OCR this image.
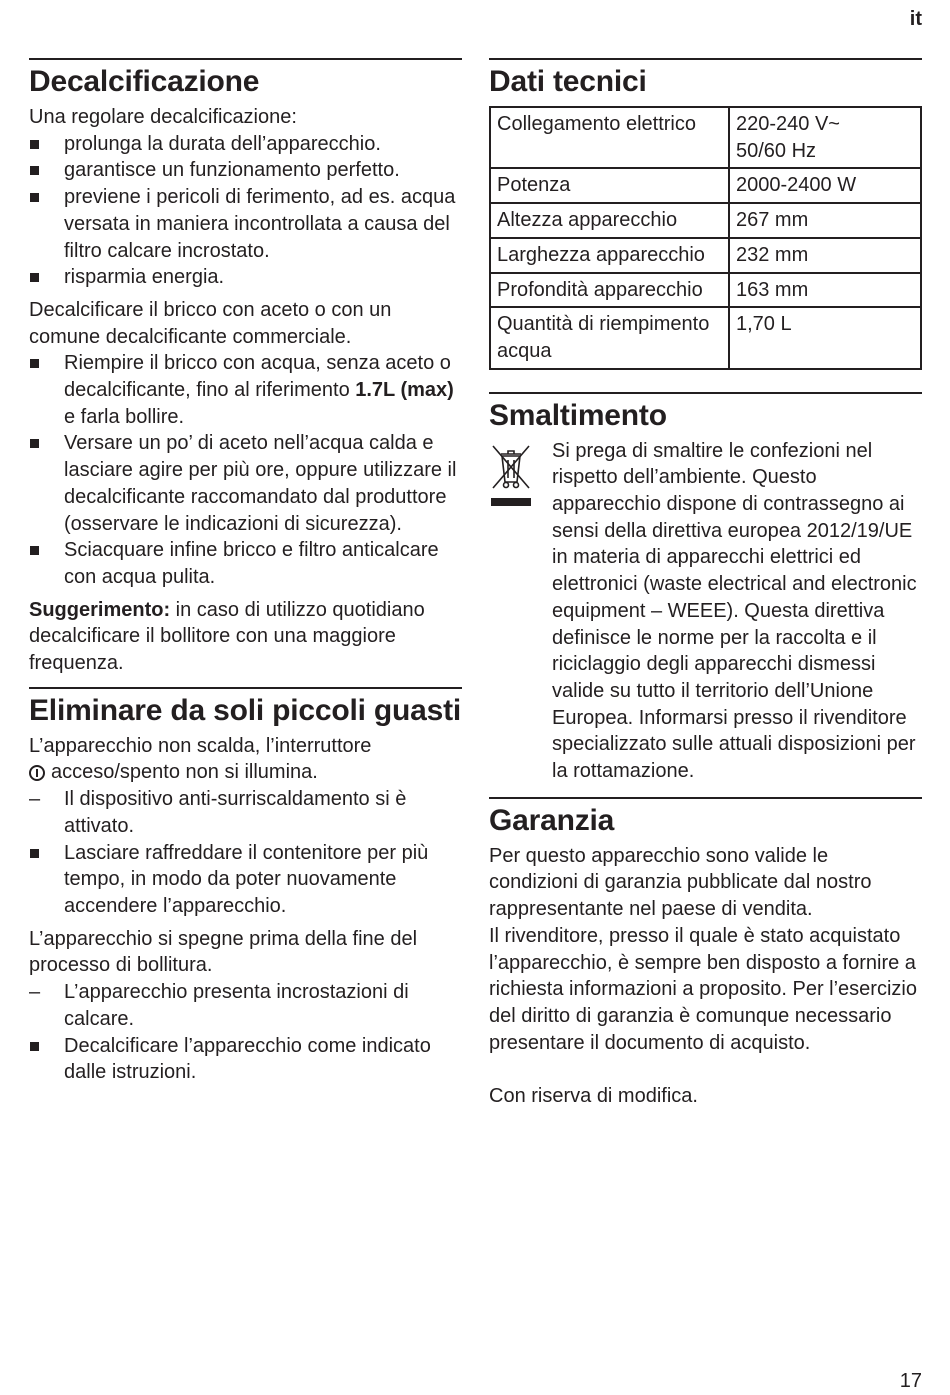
it
Decalcificazione

Una regolare decalcificazione:

prolunga la durata dell’apparecchio.
garantisce un funzionamento perfetto.
previene i pericoli di ferimento, ad es. acqua versata in maniera incontrollata a causa del filtro calcare incrostato.
risparmia energia.

Decalcificare il bricco con aceto o con un comune decalcificante commerciale.

Riempire il bricco con acqua, senza aceto o decalcificante, fino al riferimento 1.7L (max) e farla bollire.
Versare un po’ di aceto nell’acqua calda e lasciare agire per più ore, oppure utilizzare il decalcificante raccomandato dal produttore (osservare le indicazioni di sicurezza).
Sciacquare infine bricco e filtro anticalcare con acqua pulita.

Suggerimento: in caso di utilizzo quotidiano decalcificare il bollitore con una maggiore frequenza.

Eliminare da soli piccoli guasti

L’apparecchio non scalda, l’interruttore
acceso/spento non si illumina.

– Il dispositivo anti-surriscaldamento si è attivato.
Lasciare raffreddare il contenitore per più tempo, in modo da poter nuovamente accendere l’apparecchio.

L’apparecchio si spegne prima della fine del processo di bollitura.

– L’apparecchio presenta incrostazioni di calcare.
Decalcificare l’apparecchio come indicato dalle istruzioni.
Dati tecnici
Collegamento elettrico	220-240 V~
50/60 Hz
Potenza	2000-2400 W
Altezza apparecchio	267 mm
Larghezza apparecchio	232 mm
Profondità apparecchio	163 mm
Quantità di riempimento acqua	1,70 L
Smaltimento

Si prega di smaltire le confezioni nel rispetto dell’ambiente. Questo apparecchio dispone di contrassegno ai sensi della direttiva europea 2012/19/UE in materia di apparecchi elettrici ed elettronici (waste electrical and electronic equipment – WEEE). Questa direttiva definisce le norme per la raccolta e il riciclaggio degli apparecchi dismessi valide su tutto il territorio dell’Unione Europea. Informarsi presso il rivenditore specializzato sulle attuali disposizioni per la rottamazione.

Garanzia

Per questo apparecchio sono valide le condizioni di garanzia pubblicate dal nostro rappresentante nel paese di vendita.

Il rivenditore, presso il quale è stato acquistato l’apparecchio, è sempre ben disposto a fornire a richiesta informazioni a proposito. Per l’esercizio del diritto di garanzia è comunque necessario presentare il documento di acquisto.

Con riserva di modifica.

17
